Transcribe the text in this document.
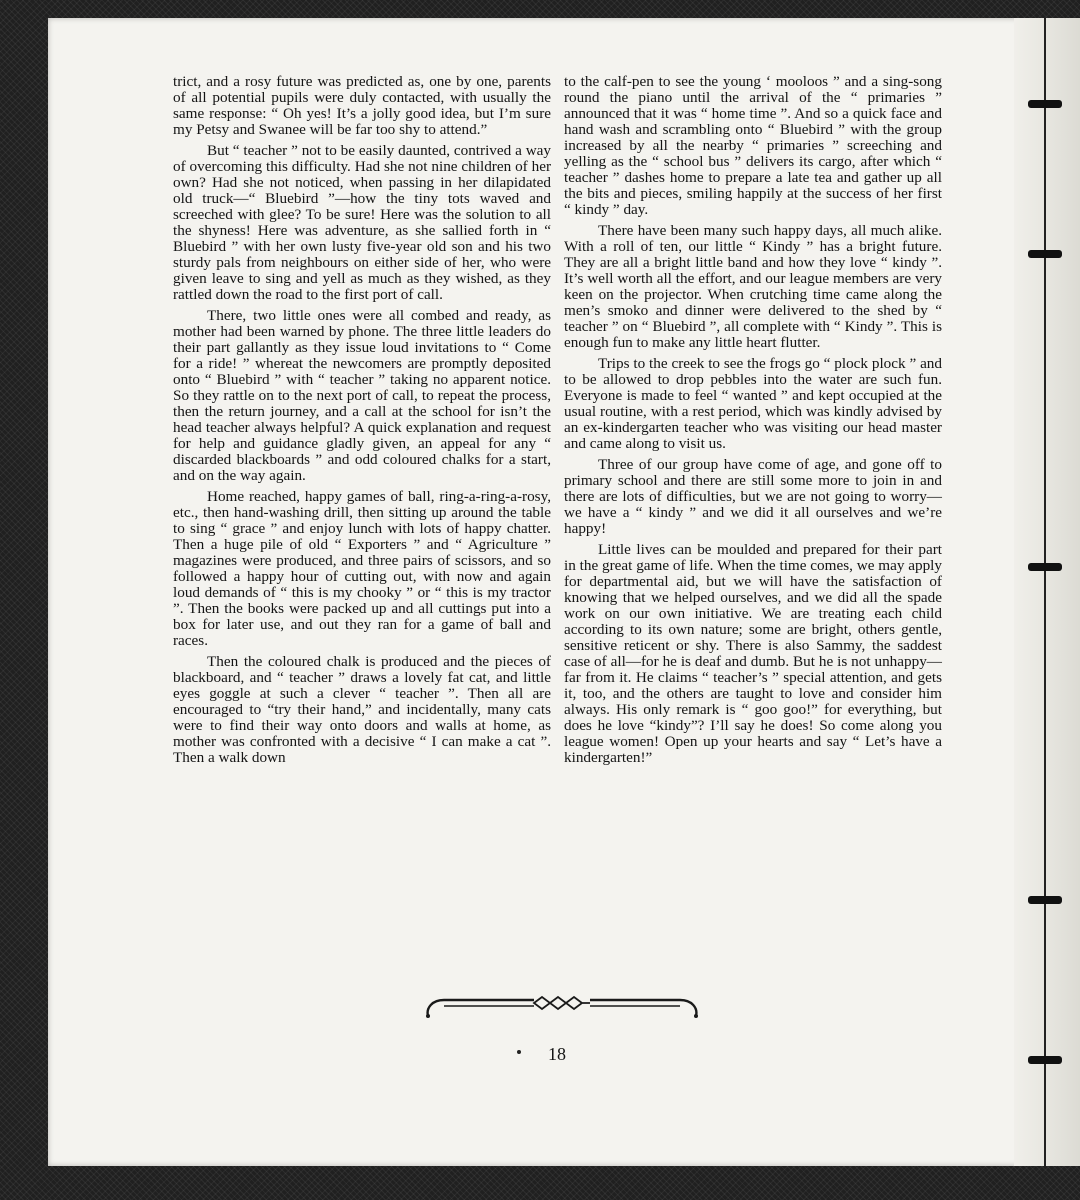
trict, and a rosy future was predicted as, one by one, parents of all potential pupils were duly contacted, with usually the same response: “ Oh yes! It’s a jolly good idea, but I’m sure my Petsy and Swanee will be far too shy to attend.”

But “ teacher ” not to be easily daunted, contrived a way of overcoming this difficulty. Had she not nine children of her own? Had she not noticed, when passing in her dilapidated old truck—“ Bluebird ”—how the tiny tots waved and screeched with glee? To be sure! Here was the solution to all the shyness! Here was adventure, as she sallied forth in “ Bluebird ” with her own lusty five-year old son and his two sturdy pals from neighbours on either side of her, who were given leave to sing and yell as much as they wished, as they rattled down the road to the first port of call.

There, two little ones were all combed and ready, as mother had been warned by phone. The three little leaders do their part gallantly as they issue loud invitations to “ Come for a ride! ” whereat the newcomers are promptly deposited onto “ Bluebird ” with “ teacher ” taking no apparent notice. So they rattle on to the next port of call, to repeat the process, then the return journey, and a call at the school for isn’t the head teacher always helpful? A quick explanation and request for help and guidance gladly given, an appeal for any “ discarded blackboards ” and odd coloured chalks for a start, and on the way again.

Home reached, happy games of ball, ring-a-ring-a-rosy, etc., then hand-washing drill, then sitting up around the table to sing “ grace ” and enjoy lunch with lots of happy chatter. Then a huge pile of old “ Exporters ” and “ Agriculture ” magazines were produced, and three pairs of scissors, and so followed a happy hour of cutting out, with now and again loud demands of “ this is my chooky ” or “ this is my tractor ”. Then the books were packed up and all cuttings put into a box for later use, and out they ran for a game of ball and races.

Then the coloured chalk is produced and the pieces of blackboard, and “ teacher ” draws a lovely fat cat, and little eyes goggle at such a clever “ teacher ”. Then all are encouraged to “try their hand,” and incidentally, many cats were to find their way onto doors and walls at home, as mother was confronted with a decisive “ I can make a cat ”. Then a walk down

to the calf-pen to see the young ‘ mooloos ” and a sing-song round the piano until the arrival of the “ primaries ” announced that it was “ home time ”. And so a quick face and hand wash and scrambling onto “ Bluebird ” with the group increased by all the nearby “ primaries ” screeching and yelling as the “ school bus ” delivers its cargo, after which “ teacher ” dashes home to prepare a late tea and gather up all the bits and pieces, smiling happily at the success of her first “ kindy ” day.

There have been many such happy days, all much alike. With a roll of ten, our little “ Kindy ” has a bright future. They are all a bright little band and how they love “ kindy ”. It’s well worth all the effort, and our league members are very keen on the projector. When crutching time came along the men’s smoko and dinner were delivered to the shed by “ teacher ” on “ Bluebird ”, all complete with “ Kindy ”. This is enough fun to make any little heart flutter.

Trips to the creek to see the frogs go “ plock plock ” and to be allowed to drop pebbles into the water are such fun. Everyone is made to feel “ wanted ” and kept occupied at the usual routine, with a rest period, which was kindly advised by an ex-kindergarten teacher who was visiting our head master and came along to visit us.

Three of our group have come of age, and gone off to primary school and there are still some more to join in and there are lots of difficulties, but we are not going to worry—we have a “ kindy ” and we did it all ourselves and we’re happy!

Little lives can be moulded and prepared for their part in the great game of life. When the time comes, we may apply for departmental aid, but we will have the satisfaction of knowing that we helped ourselves, and we did all the spade work on our own initiative. We are treating each child according to its own nature; some are bright, others gentle, sensitive reticent or shy. There is also Sammy, the saddest case of all—for he is deaf and dumb. But he is not unhappy—far from it. He claims “ teacher’s ” special attention, and gets it, too, and the others are taught to love and consider him always. His only remark is “ goo goo!” for everything, but does he love “kindy”? I’ll say he does! So come along you league women! Open up your hearts and say “ Let’s have a kindergarten!”

18
